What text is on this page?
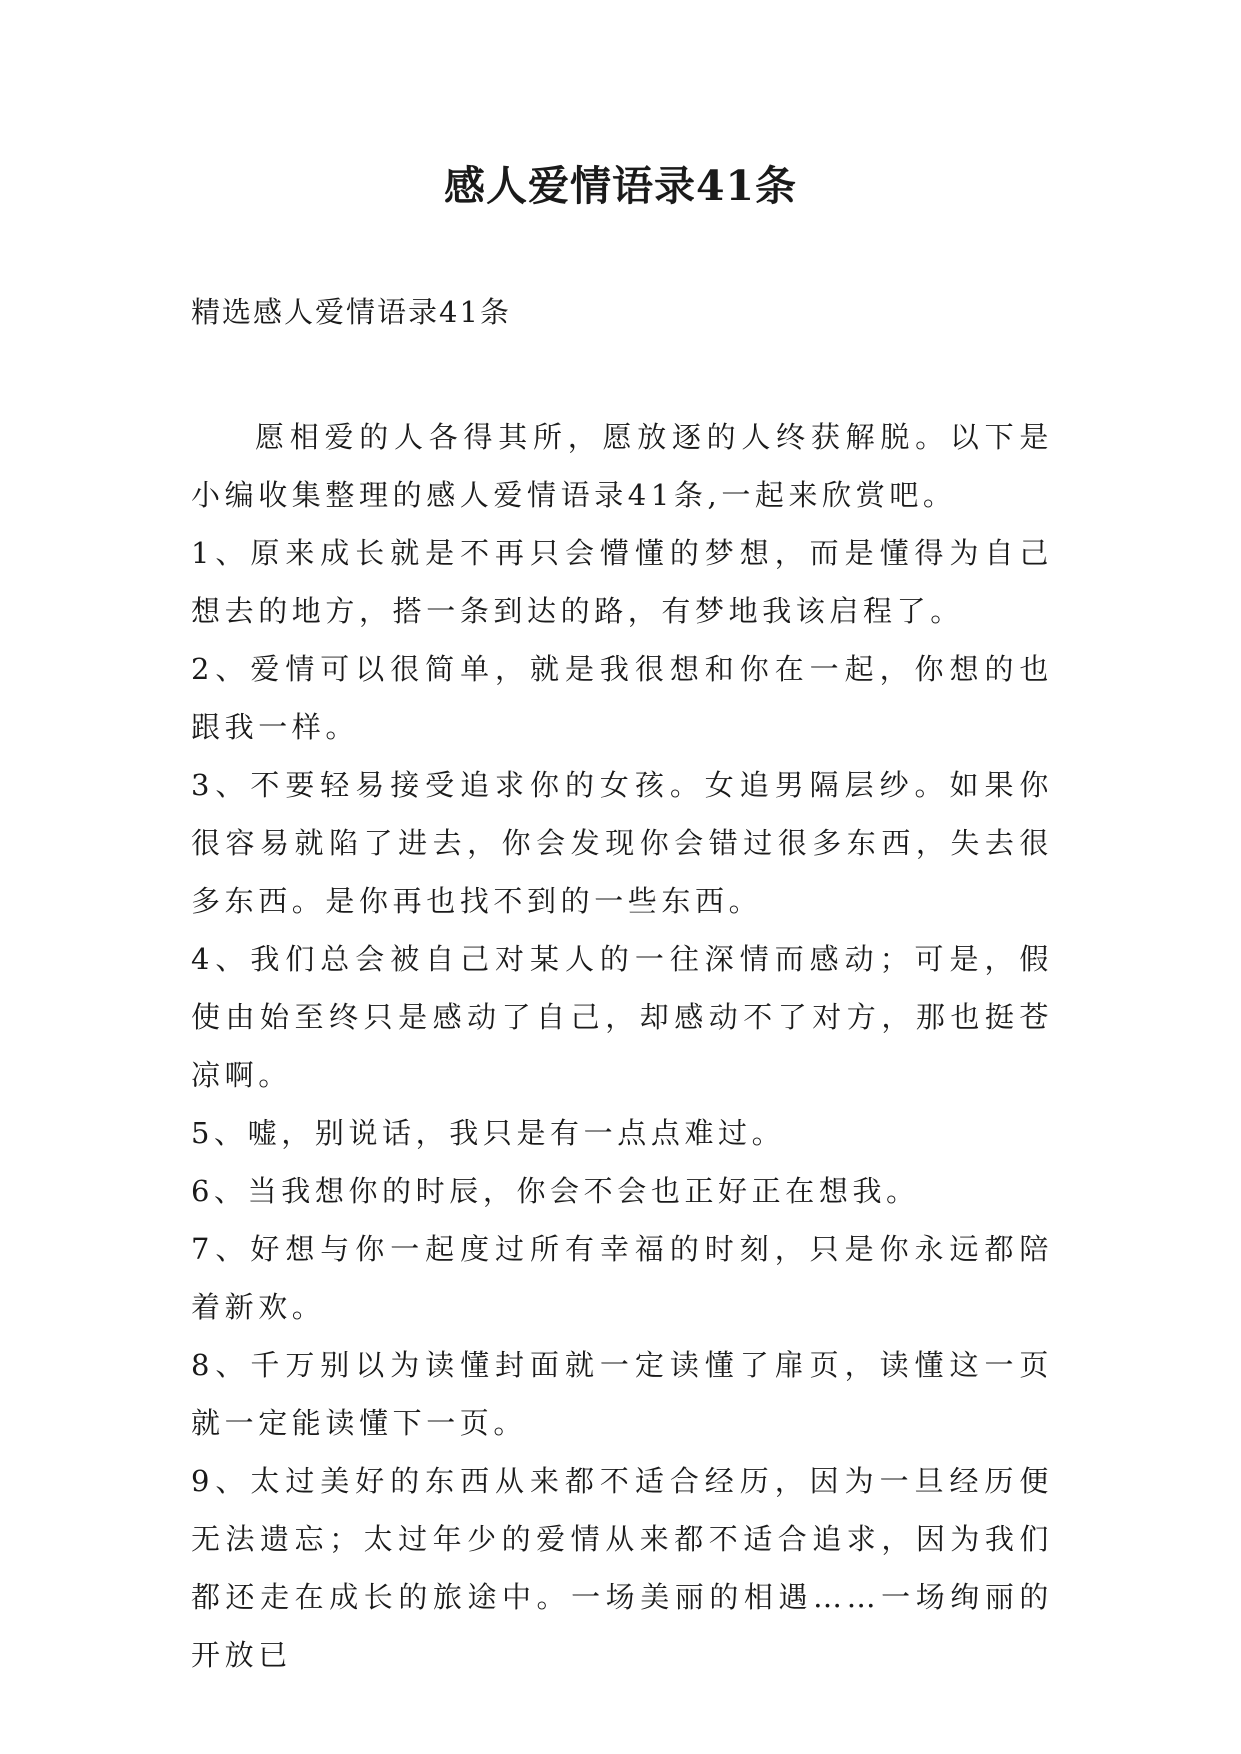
感人爱情语录41条
精选感人爱情语录41条

愿相爱的人各得其所，愿放逐的人终获解脱。以下是小编收集整理的感人爱情语录41条,一起来欣赏吧。

1、原来成长就是不再只会懵懂的梦想，而是懂得为自己想去的地方，搭一条到达的路，有梦地我该启程了。

2、爱情可以很简单，就是我很想和你在一起，你想的也跟我一样。

3、不要轻易接受追求你的女孩。女追男隔层纱。如果你很容易就陷了进去，你会发现你会错过很多东西，失去很多东西。是你再也找不到的一些东西。

4、我们总会被自己对某人的一往深情而感动；可是，假使由始至终只是感动了自己，却感动不了对方，那也挺苍凉啊。

5、嘘，别说话，我只是有一点点难过。

6、当我想你的时辰，你会不会也正好正在想我。

7、好想与你一起度过所有幸福的时刻，只是你永远都陪着新欢。

8、千万别以为读懂封面就一定读懂了扉页，读懂这一页就一定能读懂下一页。

9、太过美好的东西从来都不适合经历，因为一旦经历便无法遗忘；太过年少的爱情从来都不适合追求，因为我们都还走在成长的旅途中。一场美丽的相遇……一场绚丽的开放已
